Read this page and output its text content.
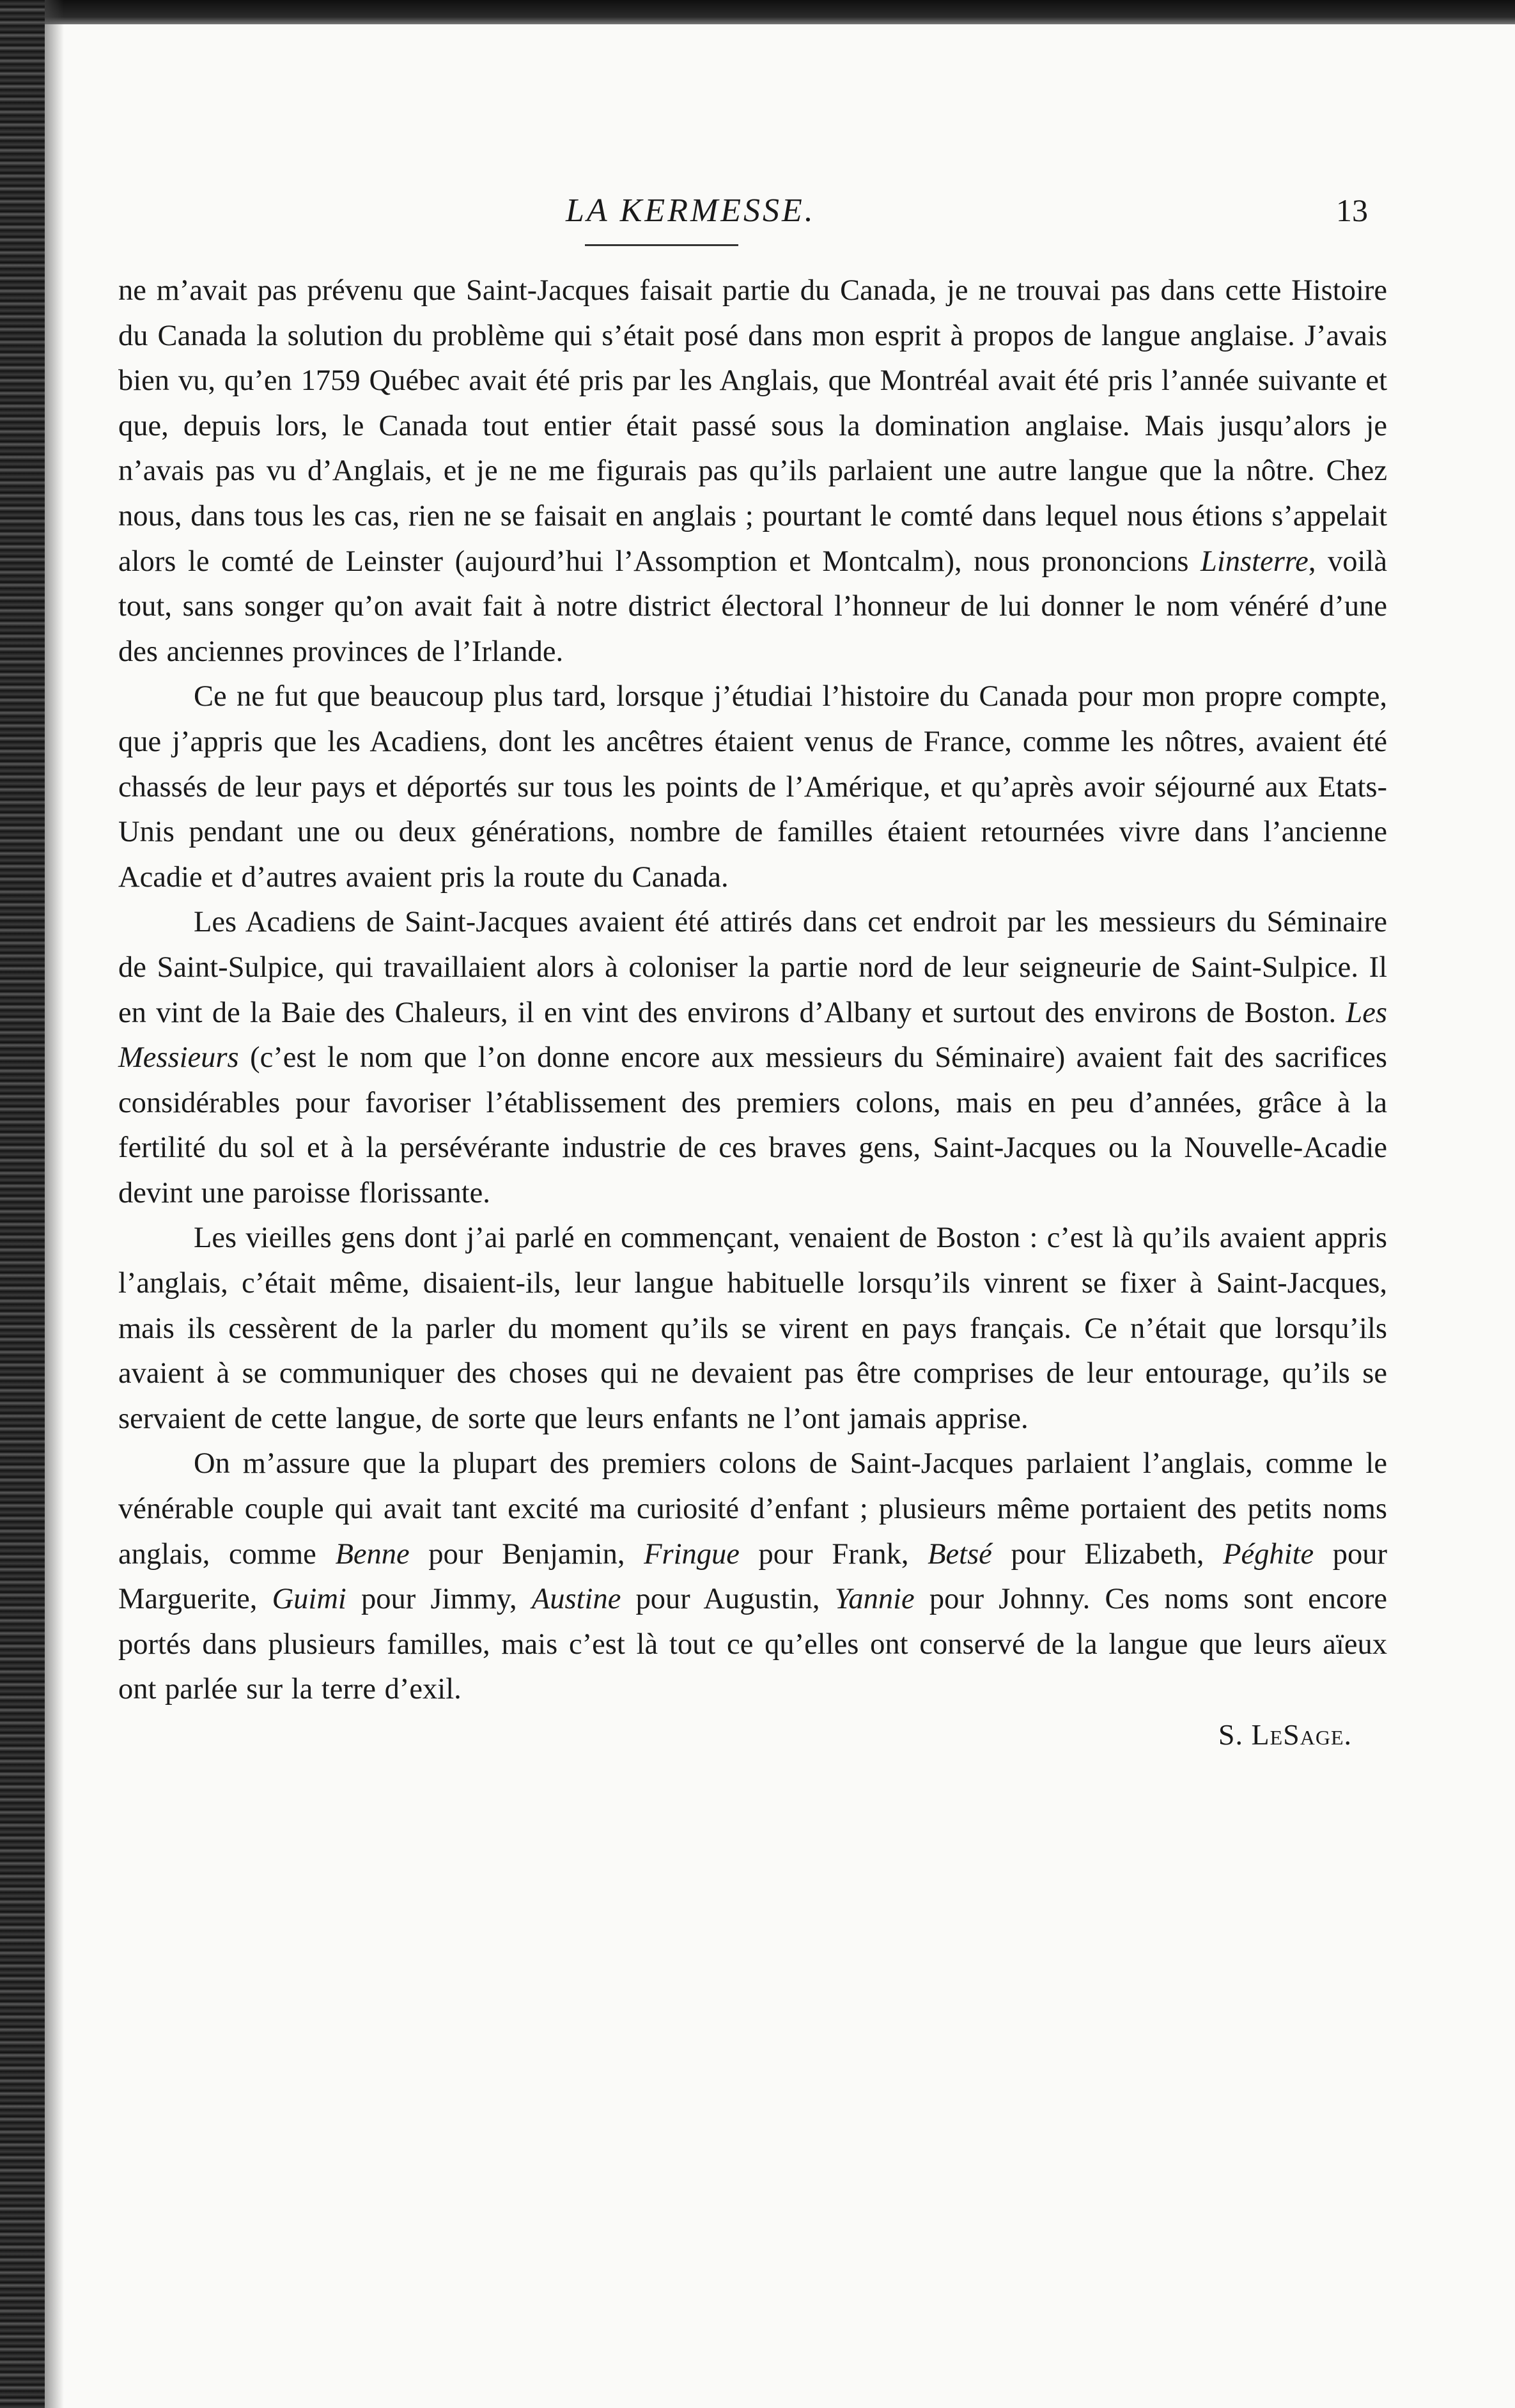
LA KERMESSE.	13

ne m’avait pas prévenu que Saint-Jacques faisait partie du Canada, je ne trouvai pas dans cette Histoire du Canada la solution du problème qui s’était posé dans mon esprit à propos de langue anglaise. J’avais bien vu, qu’en 1759 Québec avait été pris par les Anglais, que Montréal avait été pris l’année suivante et que, depuis lors, le Canada tout entier était passé sous la domination anglaise. Mais jusqu’alors je n’avais pas vu d’Anglais, et je ne me figurais pas qu’ils parlaient une autre langue que la nôtre. Chez nous, dans tous les cas, rien ne se faisait en anglais ; pourtant le comté dans lequel nous étions s’appelait alors le comté de Leinster (aujourd’hui l’Assomption et Montcalm), nous prononcions Linsterre, voilà tout, sans songer qu’on avait fait à notre district électoral l’honneur de lui donner le nom vénéré d’une des anciennes provinces de l’Irlande.

Ce ne fut que beaucoup plus tard, lorsque j’étudiai l’histoire du Canada pour mon propre compte, que j’appris que les Acadiens, dont les ancêtres étaient venus de France, comme les nôtres, avaient été chassés de leur pays et déportés sur tous les points de l’Amérique, et qu’après avoir séjourné aux Etats-Unis pendant une ou deux générations, nombre de familles étaient retournées vivre dans l’ancienne Acadie et d’autres avaient pris la route du Canada.

Les Acadiens de Saint-Jacques avaient été attirés dans cet endroit par les messieurs du Séminaire de Saint-Sulpice, qui travaillaient alors à coloniser la partie nord de leur seigneurie de Saint-Sulpice. Il en vint de la Baie des Chaleurs, il en vint des environs d’Albany et surtout des environs de Boston. Les Messieurs (c’est le nom que l’on donne encore aux messieurs du Séminaire) avaient fait des sacrifices considérables pour favoriser l’établissement des premiers colons, mais en peu d’années, grâce à la fertilité du sol et à la persévérante industrie de ces braves gens, Saint-Jacques ou la Nouvelle-Acadie devint une paroisse florissante.

Les vieilles gens dont j’ai parlé en commençant, venaient de Boston : c’est là qu’ils avaient appris l’anglais, c’était même, disaient-ils, leur langue habituelle lorsqu’ils vinrent se fixer à Saint-Jacques, mais ils cessèrent de la parler du moment qu’ils se virent en pays français. Ce n’était que lorsqu’ils avaient à se communiquer des choses qui ne devaient pas être comprises de leur entourage, qu’ils se servaient de cette langue, de sorte que leurs enfants ne l’ont jamais apprise.

On m’assure que la plupart des premiers colons de Saint-Jacques parlaient l’anglais, comme le vénérable couple qui avait tant excité ma curiosité d’enfant ; plusieurs même portaient des petits noms anglais, comme Benne pour Benjamin, Fringue pour Frank, Betsé pour Elizabeth, Péghite pour Marguerite, Guimi pour Jimmy, Austine pour Augustin, Yannie pour Johnny. Ces noms sont encore portés dans plusieurs familles, mais c’est là tout ce qu’elles ont conservé de la langue que leurs aïeux ont parlée sur la terre d’exil.

S. LeSage.
